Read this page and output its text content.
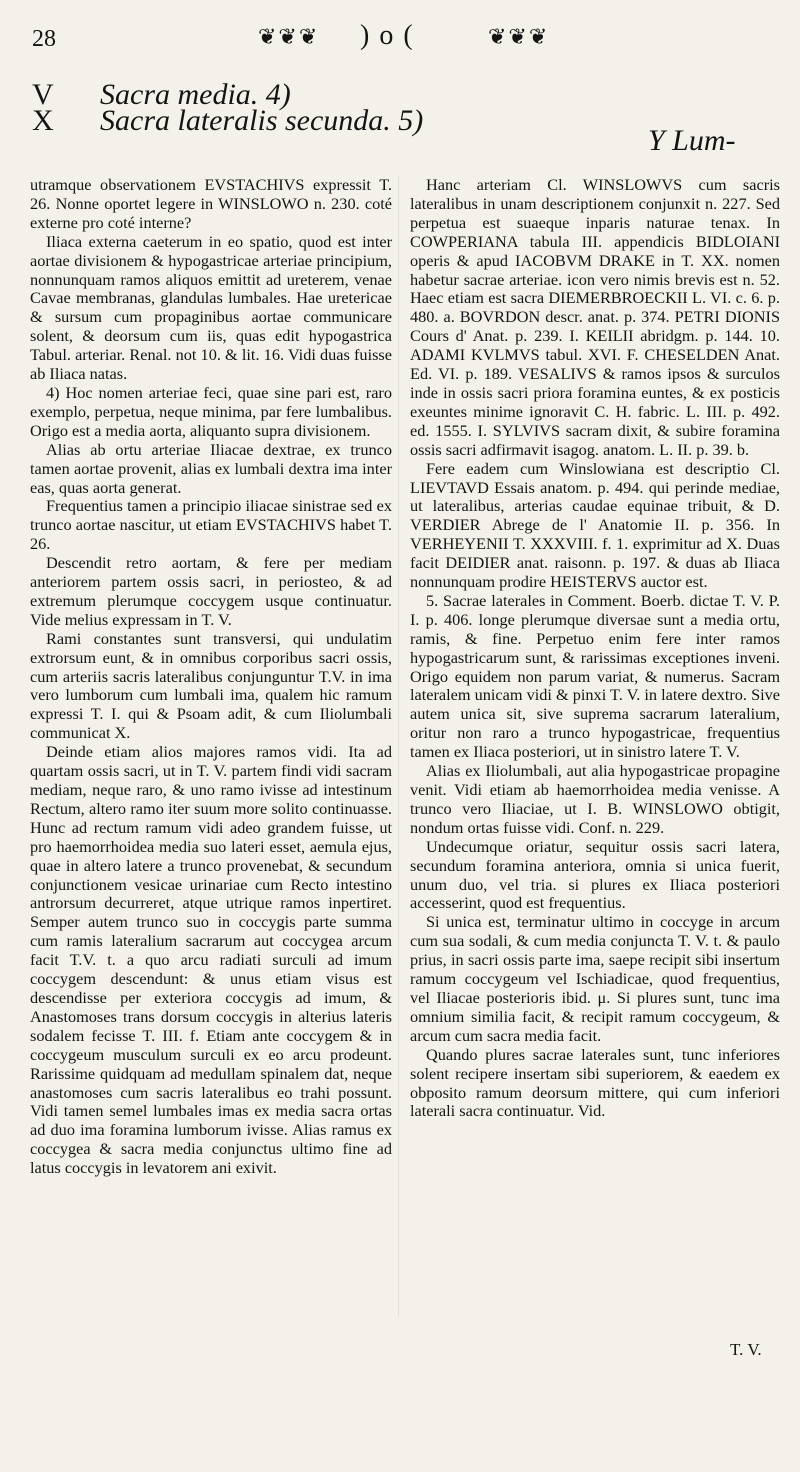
28	❦❦❦ )o(	❦❦❦
V Sacra media. 4)
X Sacra lateralis secunda. 5)
Y Lum-

utramque observationem EVSTACHIVS expressit T. 26. Nonne oportet legere in WINSLOWO n. 230. coté externe pro coté interne?

Iliaca externa caeterum in eo spatio, quod est inter aortae divisionem & hypogastricae arteriae principium, nonnunquam ramos aliquos emittit ad ureterem, venae Cavae membranas, glandulas lumbales. Hae uretericae & sursum cum propaginibus aortae communicare solent, & deorsum cum iis, quas edit hypogastrica Tabul. arteriar. Renal. not 10. & lit. 16. Vidi duas fuisse ab Iliaca natas.

4) Hoc nomen arteriae feci, quae sine pari est, raro exemplo, perpetua, neque minima, par fere lumbalibus. Origo est a media aorta, aliquanto supra divisionem.

Alias ab ortu arteriae Iliacae dextrae, ex trunco tamen aortae provenit, alias ex lumbali dextra ima inter eas, quas aorta generat.

Frequentius tamen a principio iliacae sinistrae sed ex trunco aortae nascitur, ut etiam EVSTACHIVS habet T. 26.

Descendit retro aortam, & fere per mediam anteriorem partem ossis sacri, in periosteo, & ad extremum plerumque coccygem usque continuatur. Vide melius expressam in T. V.

Rami constantes sunt transversi, qui undulatim extrorsum eunt, & in omnibus corporibus sacri ossis, cum arteriis sacris lateralibus conjunguntur T.V. in ima vero lumborum cum lumbali ima, qualem hic ramum expressi T. I. qui & Psoam adit, & cum Iliolumbali communicat X.

Deinde etiam alios majores ramos vidi. Ita ad quartam ossis sacri, ut in T. V. partem findi vidi sacram mediam, neque raro, & uno ramo ivisse ad intestinum Rectum, altero ramo iter suum more solito continuasse. Hunc ad rectum ramum vidi adeo grandem fuisse, ut pro haemorrhoidea media suo lateri esset, aemula ejus, quae in altero latere a trunco provenebat, & secundum conjunctionem vesicae urinariae cum Recto intestino antrorsum decurreret, atque utrique ramos inpertiret. Semper autem trunco suo in coccygis parte summa cum ramis lateralium sacrarum aut coccygea arcum facit T.V. t. a quo arcu radiati surculi ad imum coccygem descendunt: & unus etiam visus est descendisse per exteriora coccygis ad imum, & Anastomoses trans dorsum coccygis in alterius lateris sodalem fecisse T. III. f. Etiam ante coccygem & in coccygeum musculum surculi ex eo arcu prodeunt. Rarissime quidquam ad medullam spinalem dat, neque anastomoses cum sacris lateralibus eo trahi possunt. Vidi tamen semel lumbales imas ex media sacra ortas ad duo ima foramina lumborum ivisse. Alias ramus ex coccygea & sacra media conjunctus ultimo fine ad latus coccygis in levatorem ani exivit.

Hanc arteriam Cl. WINSLOWVS cum sacris lateralibus in unam descriptionem conjunxit n. 227. Sed perpetua est suaeque inparis naturae tenax. In COWPERIANA tabula III. appendicis BIDLOIANI operis & apud IACOBVM DRAKE in T. XX. nomen habetur sacrae arteriae. icon vero nimis brevis est n. 52. Haec etiam est sacra DIEMERBROECKII L. VI. c. 6. p. 480. a. BOVRDON descr. anat. p. 374. PETRI DIONIS Cours d' Anat. p. 239. I. KEILII abridgm. p. 144. 10. ADAMI KVLMVS tabul. XVI. F. CHESELDEN Anat. Ed. VI. p. 189. VESALIVS & ramos ipsos & surculos inde in ossis sacri priora foramina euntes, & ex posticis exeuntes minime ignoravit C. H. fabric. L. III. p. 492. ed. 1555. I. SYLVIVS sacram dixit, & subire foramina ossis sacri adfirmavit isagog. anatom. L. II. p. 39. b.

Fere eadem cum Winslowiana est descriptio Cl. LIEVTAVD Essais anatom. p. 494. qui perinde mediae, ut lateralibus, arterias caudae equinae tribuit, & D. VERDIER Abrege de l' Anatomie II. p. 356. In VERHEYENII T. XXXVIII. f. 1. exprimitur ad X. Duas facit DEIDIER anat. raisonn. p. 197. & duas ab Iliaca nonnunquam prodire HEISTERVS auctor est.

5. Sacrae laterales in Comment. Boerb. dictae T. V. P. I. p. 406. longe plerumque diversae sunt a media ortu, ramis, & fine. Perpetuo enim fere inter ramos hypogastricarum sunt, & rarissimas exceptiones inveni. Origo equidem non parum variat, & numerus. Sacram lateralem unicam vidi & pinxi T. V. in latere dextro. Sive autem unica sit, sive suprema sacrarum lateralium, oritur non raro a trunco hypogastricae, frequentius tamen ex Iliaca posteriori, ut in sinistro latere T. V.

Alias ex Iliolumbali, aut alia hypogastricae propagine venit. Vidi etiam ab haemorrhoidea media venisse. A trunco vero Iliaciae, ut I. B. WINSLOWO obtigit, nondum ortas fuisse vidi. Conf. n. 229.

Undecumque oriatur, sequitur ossis sacri latera, secundum foramina anteriora, omnia si unica fuerit, unum duo, vel tria. si plures ex Iliaca posteriori accesserint, quod est frequentius.

Si unica est, terminatur ultimo in coccyge in arcum cum sua sodali, & cum media conjuncta T. V. t. & paulo prius, in sacri ossis parte ima, saepe recipit sibi insertum ramum coccygeum vel Ischiadicae, quod frequentius, vel Iliacae posterioris ibid. μ. Si plures sunt, tunc ima omnium similia facit, & recipit ramum coccygeum, & arcum cum sacra media facit.

Quando plures sacrae laterales sunt, tunc inferiores solent recipere insertam sibi superiorem, & eaedem ex obposito ramum deorsum mittere, qui cum inferiori laterali sacra continuatur. Vid.

T. V.
